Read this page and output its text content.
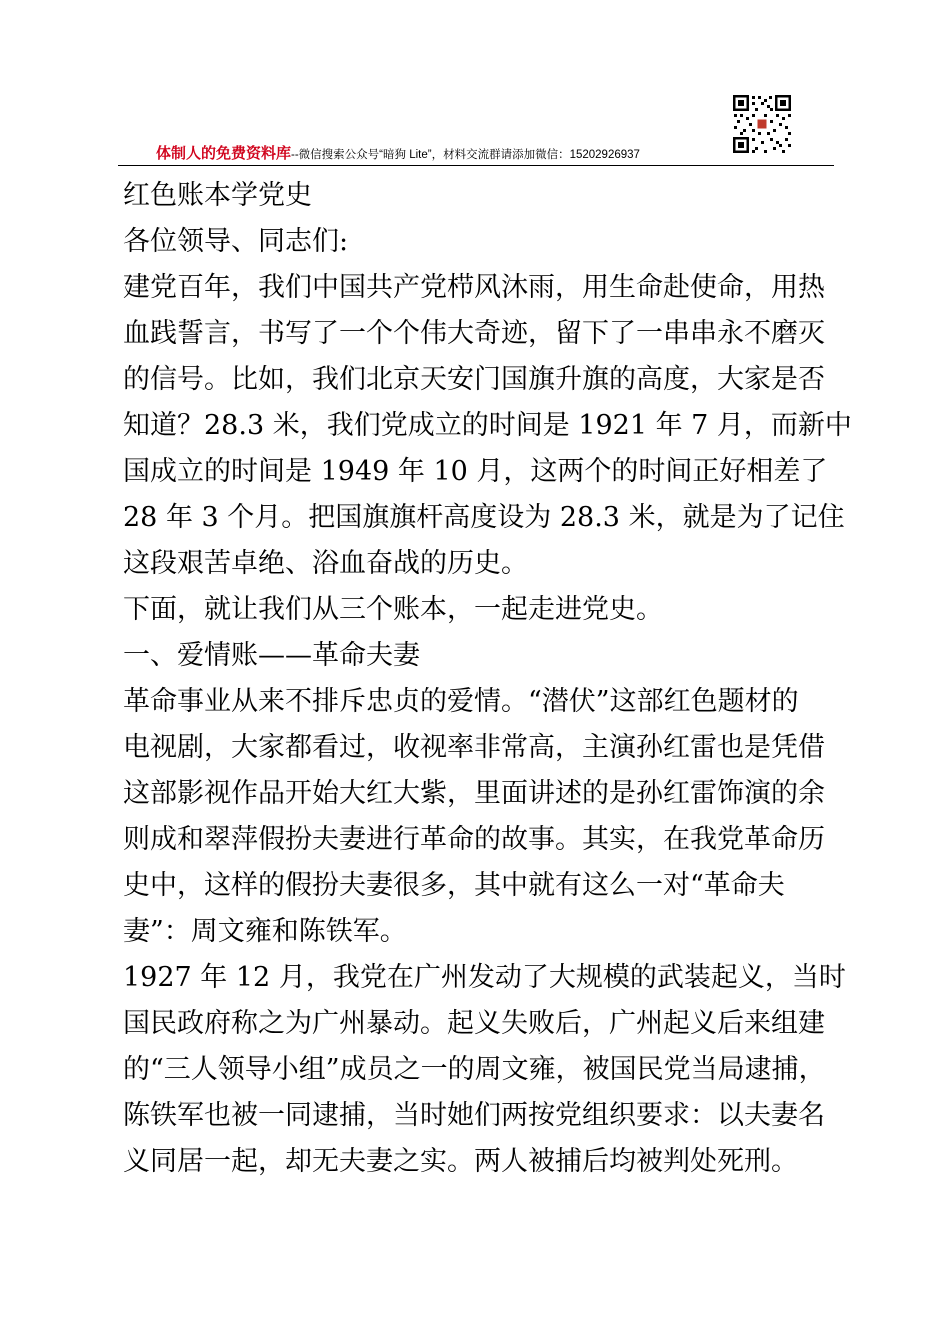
体制人的免费资料库--微信搜索公众号“暗狗 Lite”，材料交流群请添加微信：15202926937
红色账本学党史
各位领导、同志们:
建党百年，我们中国共产党栉风沐雨，用生命赴使命，用热
血践誓言，书写了一个个伟大奇迹，留下了一串串永不磨灭
的信号。比如，我们北京天安门国旗升旗的高度，大家是否
知道？28.3 米，我们党成立的时间是 1921 年 7 月，而新中
国成立的时间是 1949 年 10 月，这两个的时间正好相差了
28 年 3 个月。把国旗旗杆高度设为 28.3 米，就是为了记住
这段艰苦卓绝、浴血奋战的历史。
下面，就让我们从三个账本，一起走进党史。
一、爱情账——革命夫妻
革命事业从来不排斥忠贞的爱情。“潜伏”这部红色题材的
电视剧，大家都看过，收视率非常高，主演孙红雷也是凭借
这部影视作品开始大红大紫，里面讲述的是孙红雷饰演的余
则成和翠萍假扮夫妻进行革命的故事。其实，在我党革命历
史中，这样的假扮夫妻很多，其中就有这么一对“革命夫
妻”：周文雍和陈铁军。
1927 年 12 月，我党在广州发动了大规模的武装起义，当时
国民政府称之为广州暴动。起义失败后，广州起义后来组建
的“三人领导小组”成员之一的周文雍，被国民党当局逮捕，
陈铁军也被一同逮捕，当时她们两按党组织要求：以夫妻名
义同居一起，却无夫妻之实。两人被捕后均被判处死刑。
